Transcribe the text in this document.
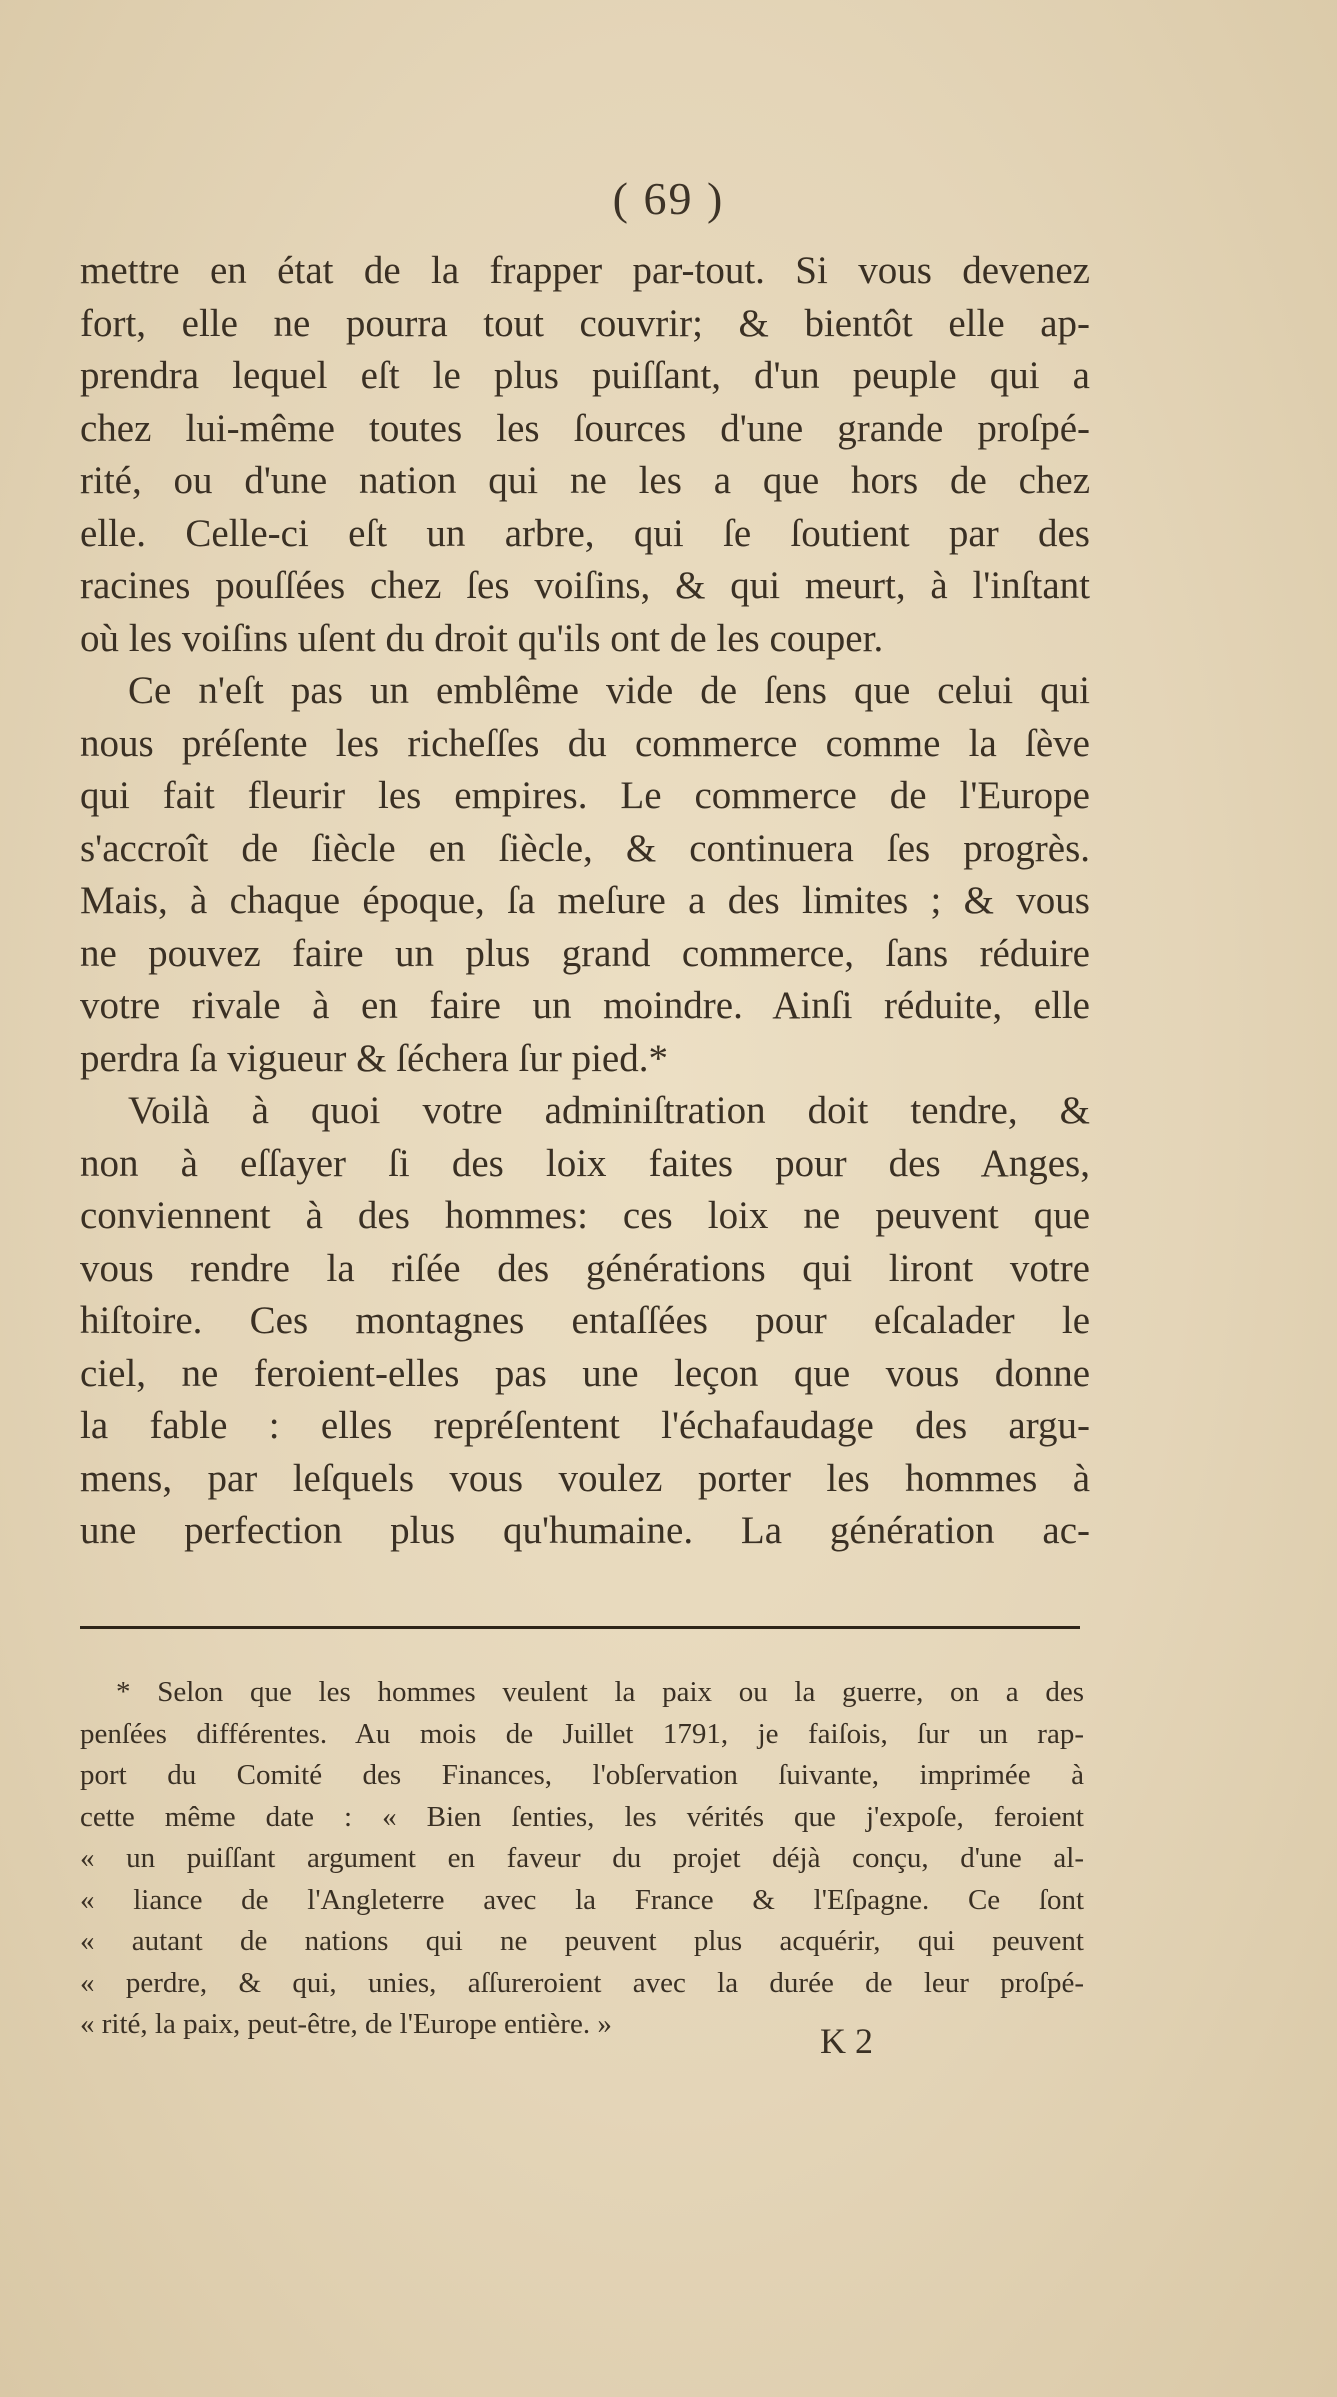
( 69 )
mettre en état de la frapper par-tout. Si vous devenez
fort, elle ne pourra tout couvrir; & bientôt elle ap-
prendra lequel eſt le plus puiſſant, d'un peuple qui a
chez lui-même toutes les ſources d'une grande proſpé-
rité, ou d'une nation qui ne les a que hors de chez
elle. Celle-ci eſt un arbre, qui ſe ſoutient par des
racines pouſſées chez ſes voiſins, & qui meurt, à l'inſtant
où les voiſins uſent du droit qu'ils ont de les couper.
Ce n'eſt pas un emblême vide de ſens que celui qui
nous préſente les richeſſes du commerce comme la ſève
qui fait fleurir les empires. Le commerce de l'Europe
s'accroît de ſiècle en ſiècle, & continuera ſes progrès.
Mais, à chaque époque, ſa meſure a des limites ; & vous
ne pouvez faire un plus grand commerce, ſans réduire
votre rivale à en faire un moindre. Ainſi réduite, elle
perdra ſa vigueur & ſéchera ſur pied.*
Voilà à quoi votre adminiſtration doit tendre, &
non à eſſayer ſi des loix faites pour des Anges,
conviennent à des hommes: ces loix ne peuvent que
vous rendre la riſée des générations qui liront votre
hiſtoire. Ces montagnes entaſſées pour eſcalader le
ciel, ne feroient-elles pas une leçon que vous donne
la fable : elles repréſentent l'échafaudage des argu-
mens, par leſquels vous voulez porter les hommes à
une perfection plus qu'humaine. La génération ac-
* Selon que les hommes veulent la paix ou la guerre, on a des
penſées différentes. Au mois de Juillet 1791, je faiſois, ſur un rap-
port du Comité des Finances, l'obſervation ſuivante, imprimée à
cette même date : « Bien ſenties, les vérités que j'expoſe, feroient
« un puiſſant argument en faveur du projet déjà conçu, d'une al-
« liance de l'Angleterre avec la France & l'Eſpagne. Ce ſont
« autant de nations qui ne peuvent plus acquérir, qui peuvent
« perdre, & qui, unies, aſſureroient avec la durée de leur proſpé-
« rité, la paix, peut-être, de l'Europe entière. »	K 2
